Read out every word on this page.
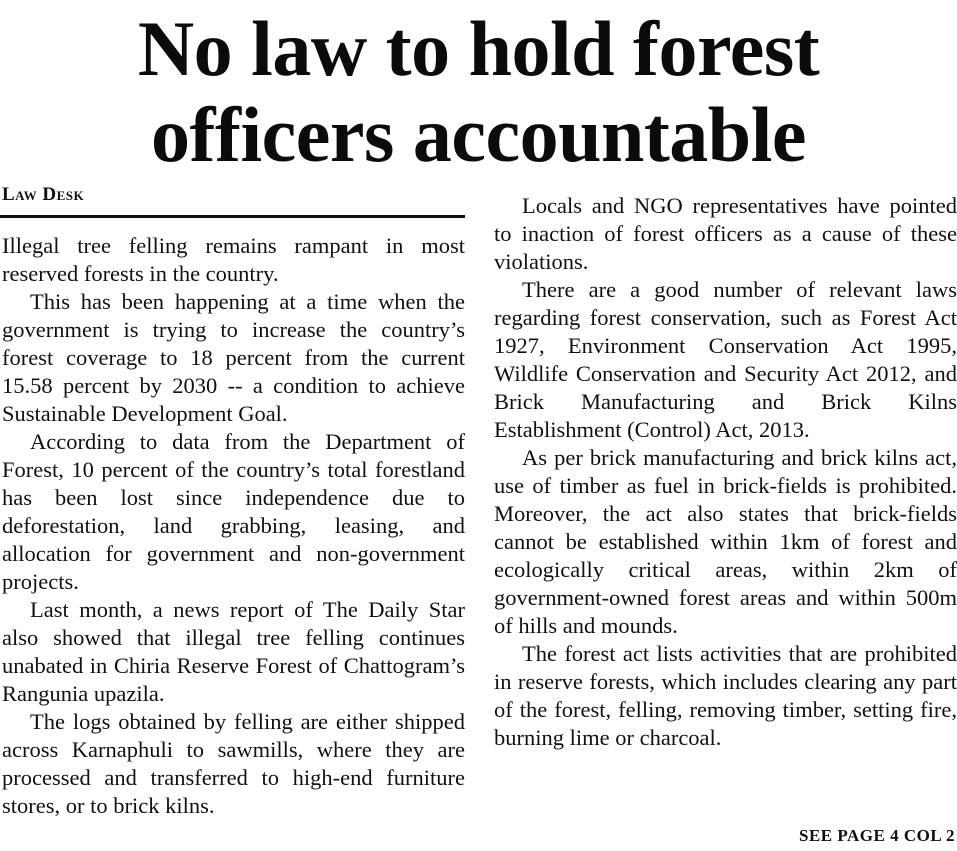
No law to hold forest
officers accountable
Law Desk

Illegal tree felling remains rampant in most reserved forests in the country.

This has been happening at a time when the government is trying to increase the country’s forest coverage to 18 percent from the current 15.58 percent by 2030 -- a condition to achieve Sustainable Development Goal.

According to data from the Department of Forest, 10 percent of the country’s total forestland has been lost since independence due to deforestation, land grabbing, leasing, and allocation for government and non-government projects.

Last month, a news report of The Daily Star also showed that illegal tree felling continues unabated in Chiria Reserve Forest of Chattogram’s Rangunia upazila.

The logs obtained by felling are either shipped across Karnaphuli to sawmills, where they are processed and transferred to high-end furniture stores, or to brick kilns.

Locals and NGO representatives have pointed to inaction of forest officers as a cause of these violations.

There are a good number of relevant laws regarding forest conservation, such as Forest Act 1927, Environment Conservation Act 1995, Wildlife Conservation and Security Act 2012, and Brick Manufacturing and Brick Kilns Establishment (Control) Act, 2013.

As per brick manufacturing and brick kilns act, use of timber as fuel in brick-fields is prohibited. Moreover, the act also states that brick-fields cannot be established within 1km of forest and ecologically critical areas, within 2km of government-owned forest areas and within 500m of hills and mounds.

The forest act lists activities that are prohibited in reserve forests, which includes clearing any part of the forest, felling, removing timber, setting fire, burning lime or charcoal.

SEE PAGE 4 COL 2
